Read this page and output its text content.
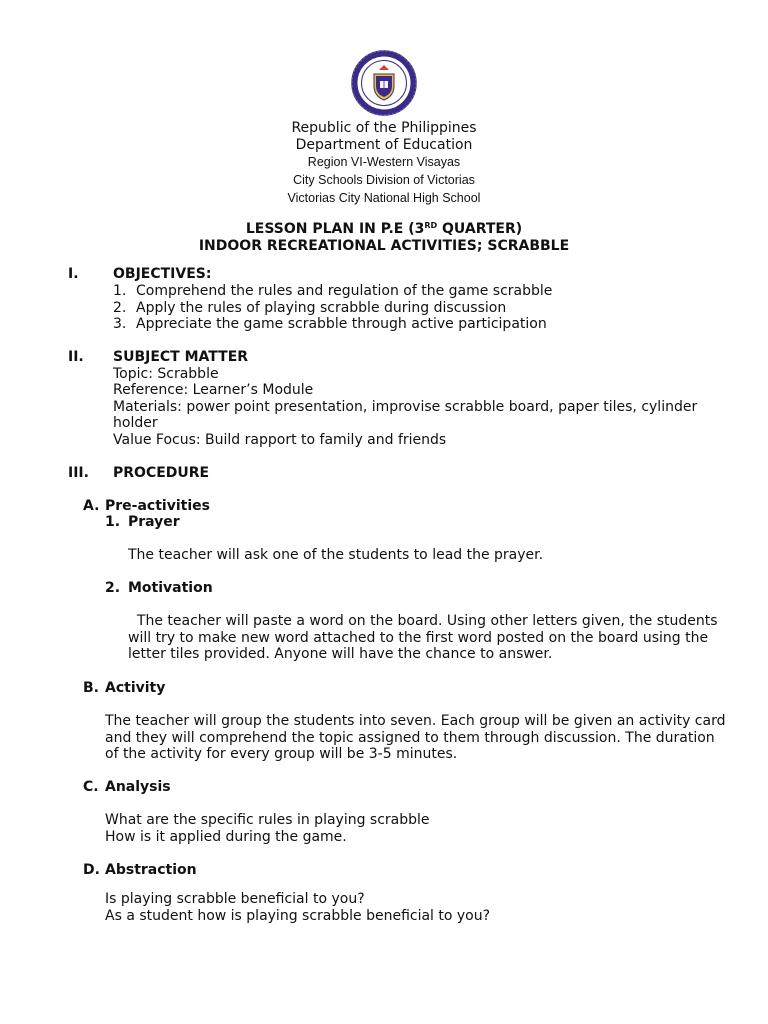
Republic of the Philippines
Department of Education
Region VI-Western Visayas
City Schools Division of Victorias
Victorias City National High School
LESSON PLAN IN P.E (3RD QUARTER)
INDOOR RECREATIONAL ACTIVITIES; SCRABBLE
I. OBJECTIVES:
1. Comprehend the rules and regulation of the game scrabble
2. Apply the rules of playing scrabble during discussion
3. Appreciate the game scrabble through active participation
II. SUBJECT MATTER
Topic: Scrabble
Reference: Learner’s Module
Materials: power point presentation, improvise scrabble board, paper tiles, cylinder
holder
Value Focus: Build rapport to family and friends
III. PROCEDURE
A. Pre-activities
1. Prayer
The teacher will ask one of the students to lead the prayer.
2. Motivation
The teacher will paste a word on the board. Using other letters given, the students
will try to make new word attached to the first word posted on the board using the
letter tiles provided. Anyone will have the chance to answer.
B. Activity
The teacher will group the students into seven. Each group will be given an activity card
and they will comprehend the topic assigned to them through discussion. The duration
of the activity for every group will be 3-5 minutes.
C. Analysis
What are the specific rules in playing scrabble
How is it applied during the game.
D. Abstraction
Is playing scrabble beneficial to you?
As a student how is playing scrabble beneficial to you?
